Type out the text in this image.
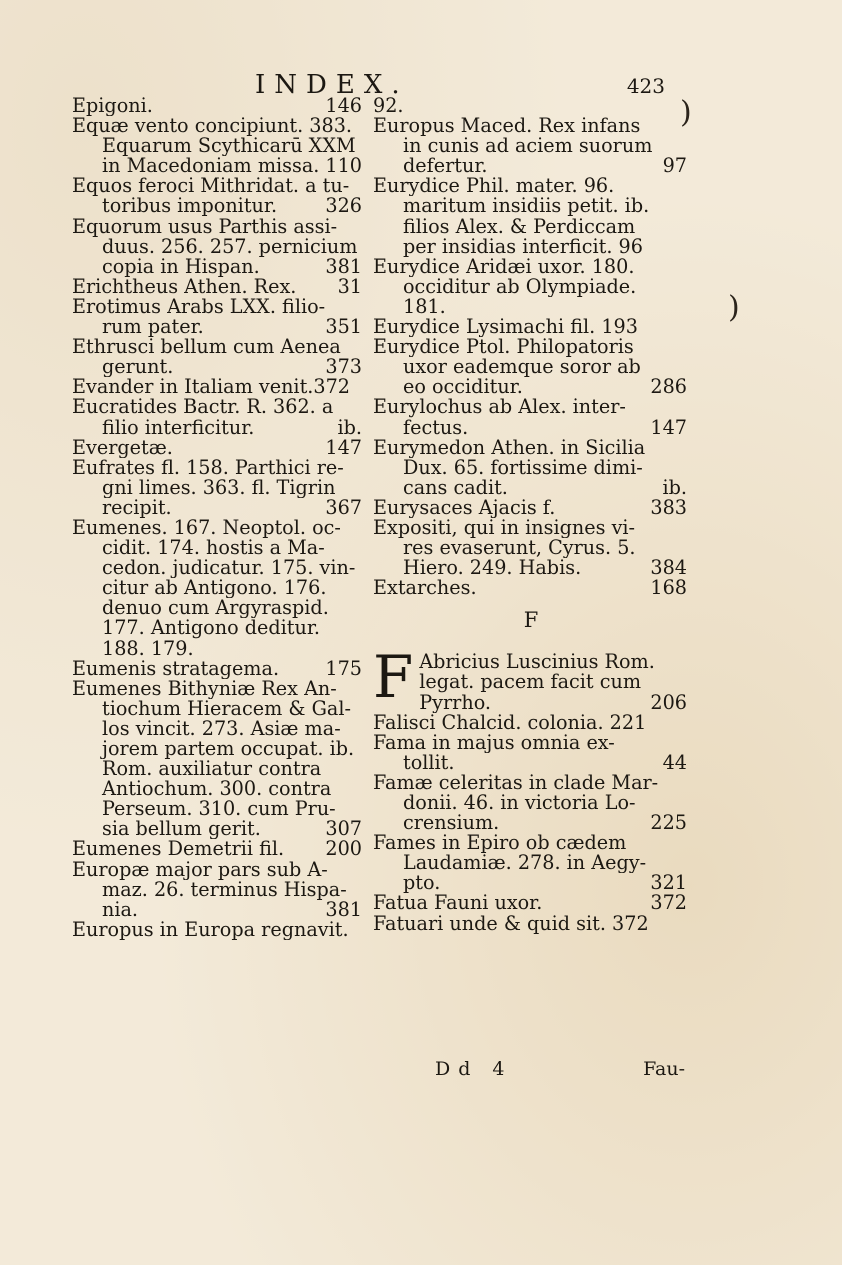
INDEX.	423
Epigoni.	146
Equæ vento concipiunt. 383.
Equarum Scythicarū XXM
in Macedoniam missa. 110
Equos feroci Mithridat. a tu-
toribus imponitur.	326
Equorum usus Parthis assi-
duus. 256. 257. pernicium
copia in Hispan.	381
Erichtheus Athen. Rex. 31
Erotimus Arabs LXX. filio-
rum pater.	351
Ethrusci bellum cum Aenea
gerunt.	373
Evander in Italiam venit.372
Eucratides Bactr. R. 362. a
filio interficitur.	ib.
Evergetæ.	147
Eufrates fl. 158. Parthici re-
gni limes. 363. fl. Tigrin
recipit.	367
Eumenes. 167. Neoptol. oc-
cidit. 174. hostis a Ma-
cedon. judicatur. 175. vin-
citur ab Antigono. 176.
denuo cum Argyraspid.
177. Antigono deditur.
188. 179.
Eumenis stratagema. 175
Eumenes Bithyniæ Rex An-
tiochum Hieracem & Gal-
los vincit. 273. Asiæ ma-
jorem partem occupat. ib.
Rom. auxiliatur contra
Antiochum. 300. contra
Perseum. 310. cum Pru-
sia bellum gerit.	307
Eumenes Demetrii fil. 200
Europæ major pars sub A-
maz. 26. terminus Hispa-
nia.	381
Europus in Europa regnavit.
92.
Europus Maced. Rex infans
in cunis ad aciem suorum
defertur.	97
Eurydice Phil. mater. 96.
maritum insidiis petit. ib.
filios Alex. & Perdiccam
per insidias interficit. 96
Eurydice Aridæi uxor. 180.
occiditur ab Olympiade.
181.
Eurydice Lysimachi fil. 193
Eurydice Ptol. Philopatoris
uxor eademque soror ab
eo occiditur.	286
Eurylochus ab Alex. inter-
fectus.	147
Eurymedon Athen. in Sicilia
Dux. 65. fortissime dimi-
cans cadit.	ib.
Eurysaces Ajacis f.	383
Expositi, qui in insignes vi-
res evaserunt, Cyrus. 5.
Hiero. 249. Habis.	384
Extarches.	168
F
F Abricius Luscinius Rom.
legat. pacem facit cum
Pyrrho.	206
Falisci Chalcid. colonia. 221
Fama in majus omnia ex-
tollit.	44
Famæ celeritas in clade Mar-
donii. 46. in victoria Lo-
crensium.	225
Fames in Epiro ob cædem
Laudamiæ. 278. in Aegy-
pto.	321
Fatua Fauni uxor.	372
Fatuari unde & quid sit. 372
Dd 4	Fau-
)
)
